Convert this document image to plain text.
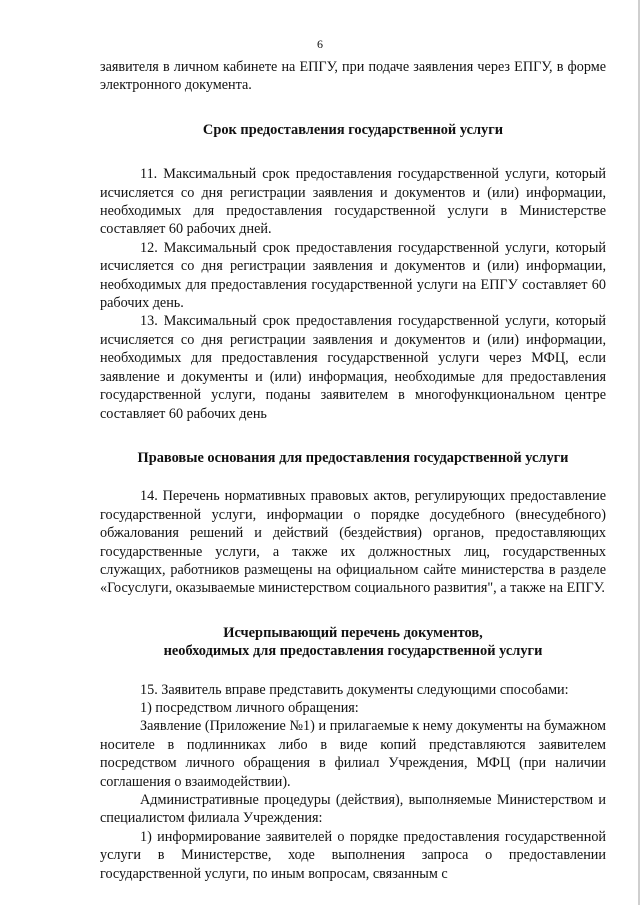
6

заявителя в личном кабинете на ЕПГУ, при подаче заявления через ЕПГУ, в форме электронного документа.

Срок предоставления государственной услуги

11. Максимальный срок предоставления государственной услуги, который исчисляется со дня регистрации заявления и документов и (или) информации, необходимых для предоставления государственной услуги в Министерстве составляет 60 рабочих дней.

12. Максимальный срок предоставления государственной услуги, который исчисляется со дня регистрации заявления и документов и (или) информации, необходимых для предоставления государственной услуги на ЕПГУ составляет 60 рабочих день.

13. Максимальный срок предоставления государственной услуги, который исчисляется со дня регистрации заявления и документов и (или) информации, необходимых для предоставления государственной услуги через МФЦ, если заявление и документы и (или) информация, необходимые для предоставления государственной услуги, поданы заявителем в многофункциональном центре составляет 60 рабочих день

Правовые основания для предоставления государственной услуги

14. Перечень нормативных правовых актов, регулирующих предоставление государственной услуги, информации о порядке досудебного (внесудебного) обжалования решений и действий (бездействия) органов, предоставляющих государственные услуги, а также их должностных лиц, государственных служащих, работников размещены на официальном сайте министерства в разделе «Госуслуги, оказываемые министерством социального развития", а также на ЕПГУ.

Исчерпывающий перечень документов,
необходимых для предоставления государственной услуги

15. Заявитель вправе представить документы следующими способами:

1) посредством личного обращения:

Заявление (Приложение №1) и прилагаемые к нему документы на бумажном носителе в подлинниках либо в виде копий представляются заявителем посредством личного обращения в филиал Учреждения, МФЦ (при наличии соглашения о взаимодействии).

Административные процедуры (действия), выполняемые Министерством и специалистом филиала Учреждения:

1) информирование заявителей о порядке предоставления государственной услуги в Министерстве, ходе выполнения запроса о предоставлении государственной услуги, по иным вопросам, связанным с
